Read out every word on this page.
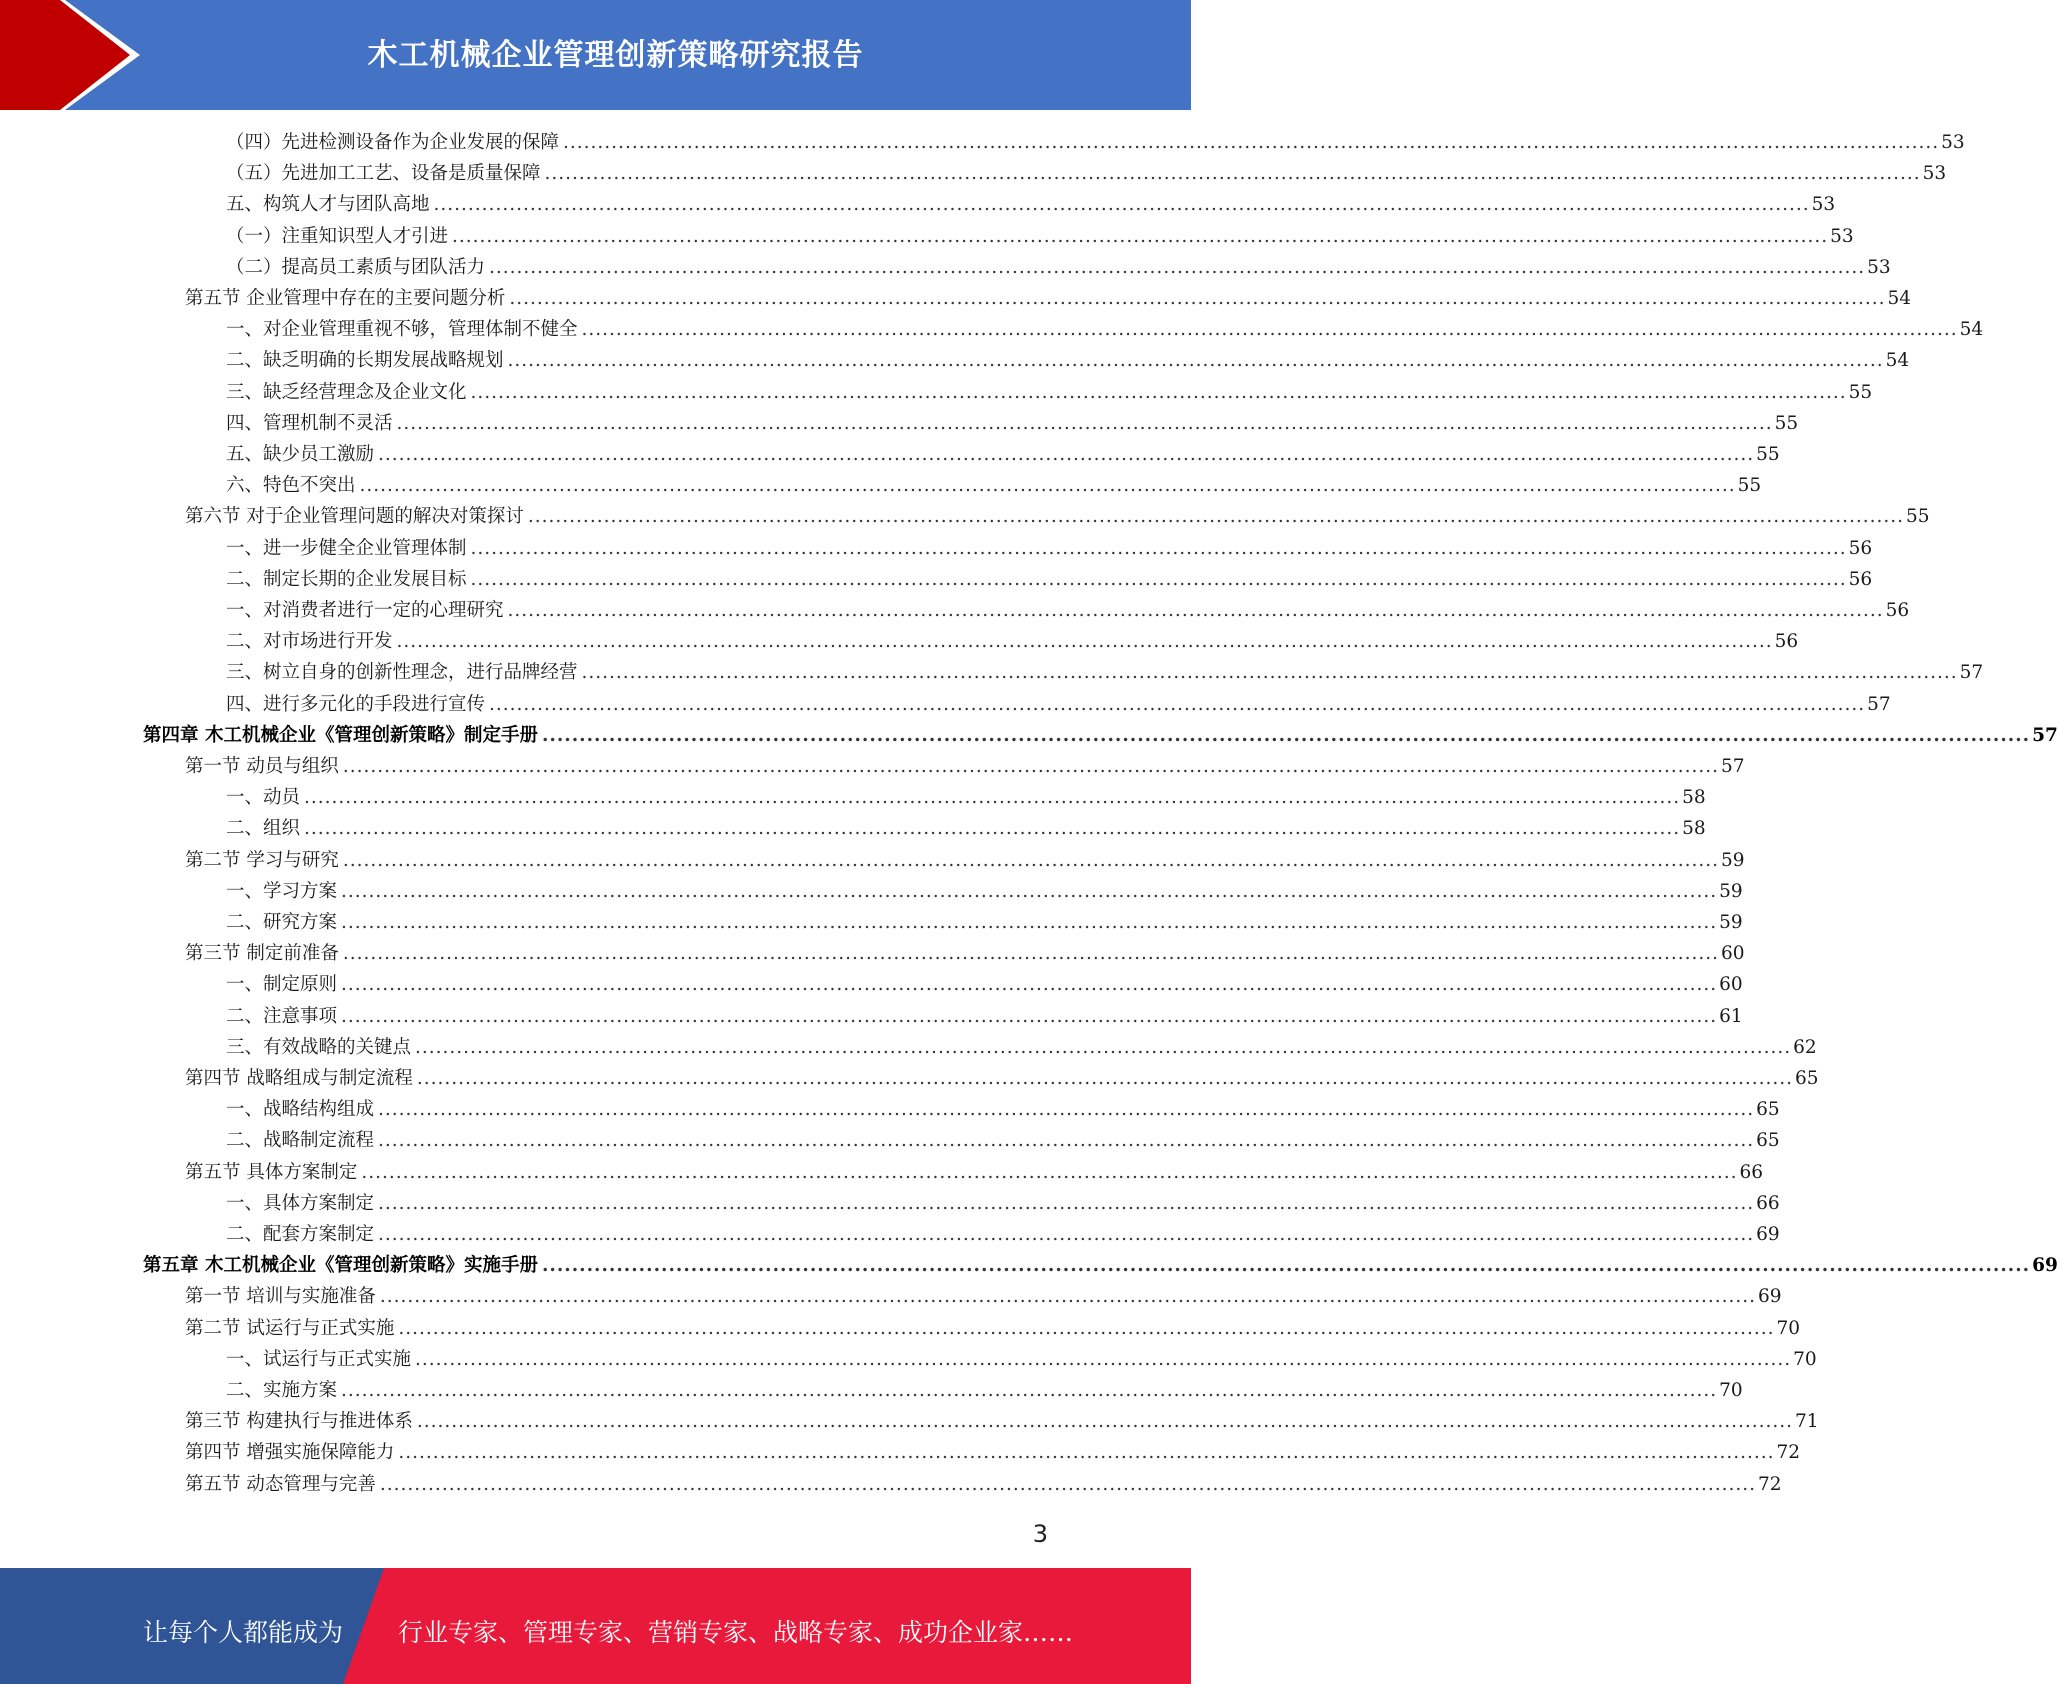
木工机械企业管理创新策略研究报告
（四）先进检测设备作为企业发展的保障 ........................................................................................................................................................................................................ 53
（五）先进加工工艺、设备是质量保障 ........................................................................................................................................................................................................ 53
五、构筑人才与团队高地 ........................................................................................................................................................................................................ 53
（一）注重知识型人才引进 ........................................................................................................................................................................................................ 53
（二）提高员工素质与团队活力 ........................................................................................................................................................................................................ 53
第五节 企业管理中存在的主要问题分析 ........................................................................................................................................................................................................ 54
一、对企业管理重视不够，管理体制不健全 ........................................................................................................................................................................................................ 54
二、缺乏明确的长期发展战略规划 ........................................................................................................................................................................................................ 54
三、缺乏经营理念及企业文化 ........................................................................................................................................................................................................ 55
四、管理机制不灵活 ........................................................................................................................................................................................................ 55
五、缺少员工激励 ........................................................................................................................................................................................................ 55
六、特色不突出 ........................................................................................................................................................................................................ 55
第六节 对于企业管理问题的解决对策探讨 ........................................................................................................................................................................................................ 55
一、进一步健全企业管理体制 ........................................................................................................................................................................................................ 56
二、制定长期的企业发展目标 ........................................................................................................................................................................................................ 56
一、对消费者进行一定的心理研究 ........................................................................................................................................................................................................ 56
二、对市场进行开发 ........................................................................................................................................................................................................ 56
三、树立自身的创新性理念，进行品牌经营 ........................................................................................................................................................................................................ 57
四、进行多元化的手段进行宣传 ........................................................................................................................................................................................................ 57
第四章 木工机械企业《管理创新策略》制定手册 ........................................................................................................................................................................................................ 57
第一节 动员与组织 ........................................................................................................................................................................................................ 57
一、动员 ........................................................................................................................................................................................................ 58
二、组织 ........................................................................................................................................................................................................ 58
第二节 学习与研究 ........................................................................................................................................................................................................ 59
一、学习方案 ........................................................................................................................................................................................................ 59
二、研究方案 ........................................................................................................................................................................................................ 59
第三节 制定前准备 ........................................................................................................................................................................................................ 60
一、制定原则 ........................................................................................................................................................................................................ 60
二、注意事项 ........................................................................................................................................................................................................ 61
三、有效战略的关键点 ........................................................................................................................................................................................................ 62
第四节 战略组成与制定流程 ........................................................................................................................................................................................................ 65
一、战略结构组成 ........................................................................................................................................................................................................ 65
二、战略制定流程 ........................................................................................................................................................................................................ 65
第五节 具体方案制定 ........................................................................................................................................................................................................ 66
一、具体方案制定 ........................................................................................................................................................................................................ 66
二、配套方案制定 ........................................................................................................................................................................................................ 69
第五章 木工机械企业《管理创新策略》实施手册 ........................................................................................................................................................................................................ 69
第一节 培训与实施准备 ........................................................................................................................................................................................................ 69
第二节 试运行与正式实施 ........................................................................................................................................................................................................ 70
一、试运行与正式实施 ........................................................................................................................................................................................................ 70
二、实施方案 ........................................................................................................................................................................................................ 70
第三节 构建执行与推进体系 ........................................................................................................................................................................................................ 71
第四节 增强实施保障能力 ........................................................................................................................................................................................................ 72
第五节 动态管理与完善 ........................................................................................................................................................................................................ 72
3
让每个人都能成为 行业专家、管理专家、营销专家、战略专家、成功企业家……
